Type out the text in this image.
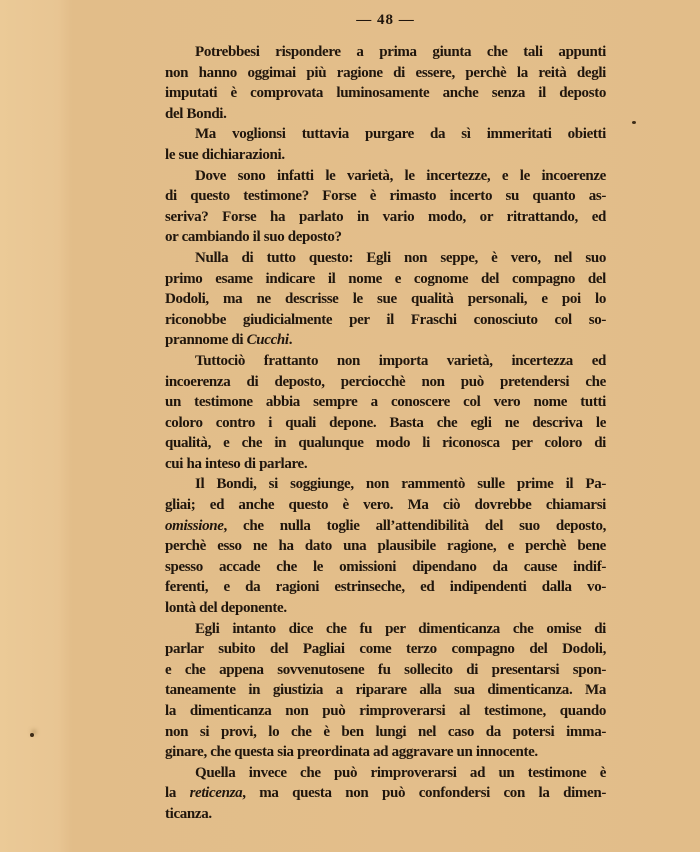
— 48 —
Potrebbesi rispondere a prima giunta che tali appunti
non hanno oggimai più ragione di essere, perchè la reità degli
imputati è comprovata luminosamente anche senza il deposto
del Bondi.
Ma voglionsi tuttavia purgare da sì immeritati obietti
le sue dichiarazioni.
Dove sono infatti le varietà, le incertezze, e le incoerenze
di questo testimone? Forse è rimasto incerto su quanto as-
seriva? Forse ha parlato in vario modo, or ritrattando, ed
or cambiando il suo deposto?
Nulla di tutto questo: Egli non seppe, è vero, nel suo
primo esame indicare il nome e cognome del compagno del
Dodoli, ma ne descrisse le sue qualità personali, e poi lo
riconobbe giudicialmente per il Fraschi conosciuto col so-
prannome di Cucchi.
Tuttociò frattanto non importa varietà, incertezza ed
incoerenza di deposto, perciocchè non può pretendersi che
un testimone abbia sempre a conoscere col vero nome tutti
coloro contro i quali depone. Basta che egli ne descriva le
qualità, e che in qualunque modo li riconosca per coloro di
cui ha inteso di parlare.
Il Bondi, si soggiunge, non rammentò sulle prime il Pa-
gliai; ed anche questo è vero. Ma ciò dovrebbe chiamarsi
omissione, che nulla toglie all’attendibilità del suo deposto,
perchè esso ne ha dato una plausibile ragione, e perchè bene
spesso accade che le omissioni dipendano da cause indif-
ferenti, e da ragioni estrinseche, ed indipendenti dalla vo-
lontà del deponente.
Egli intanto dice che fu per dimenticanza che omise di
parlar subito del Pagliai come terzo compagno del Dodoli,
e che appena sovvenutosene fu sollecito di presentarsi spon-
taneamente in giustizia a riparare alla sua dimenticanza. Ma
la dimenticanza non può rimproverarsi al testimone, quando
non si provi, lo che è ben lungi nel caso da potersi imma-
ginare, che questa sia preordinata ad aggravare un innocente.
Quella invece che può rimproverarsi ad un testimone è
la reticenza, ma questa non può confondersi con la dimen-
ticanza.
